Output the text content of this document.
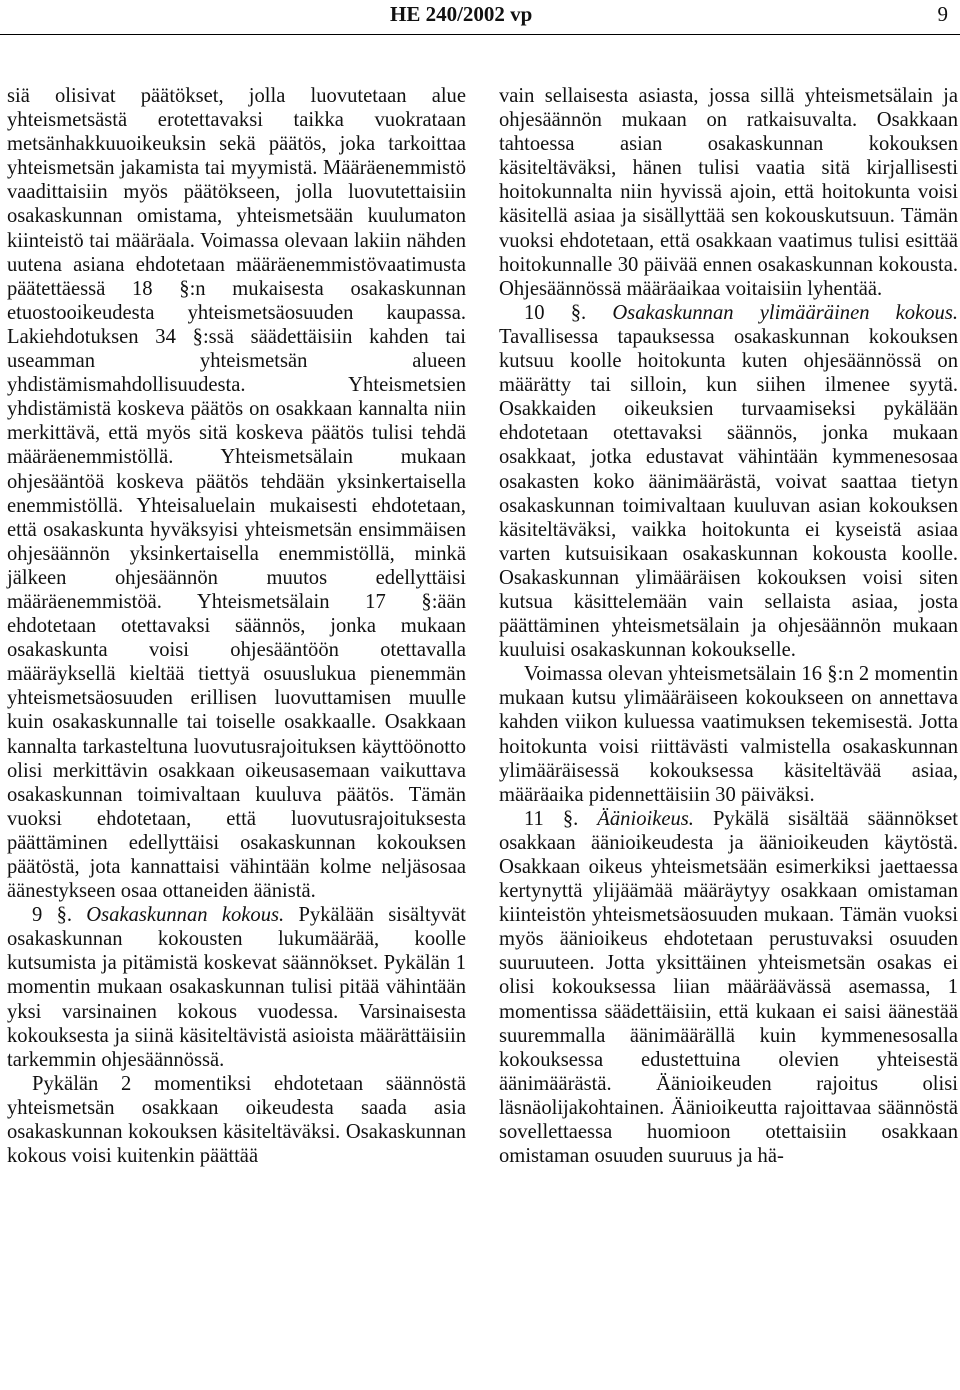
HE 240/2002 vp	9

siä olisivat päätökset, jolla luovutetaan alue yhteismetsästä erotettavaksi taikka vuokrataan metsänhakkuuoikeuksin sekä päätös, joka tarkoittaa yhteismetsän jakamista tai myymistä. Määräenemmistö vaadittaisiin myös päätökseen, jolla luovutettaisiin osakaskunnan omistama, yhteismetsään kuulumaton kiinteistö tai määräala. Voimassa olevaan lakiin nähden uutena asiana ehdotetaan määräenemmistövaatimusta päätettäessä 18 §:n mukaisesta osakaskunnan etuostooikeudesta yhteismetsäosuuden kaupassa. Lakiehdotuksen 34 §:ssä säädettäisiin kahden tai useamman yhteismetsän alueen yhdistämismahdollisuudesta. Yhteismetsien yhdistämistä koskeva päätös on osakkaan kannalta niin merkittävä, että myös sitä koskeva päätös tulisi tehdä määräenemmistöllä. Yhteismetsälain mukaan ohjesääntöä koskeva päätös tehdään yksinkertaisella enemmistöllä. Yhteisaluelain mukaisesti ehdotetaan, että osakaskunta hyväksyisi yhteismetsän ensimmäisen ohjesäännön yksinkertaisella enemmistöllä, minkä jälkeen ohjesäännön muutos edellyttäisi määräenemmistöä. Yhteismetsälain 17 §:ään ehdotetaan otettavaksi säännös, jonka mukaan osakaskunta voisi ohjesääntöön otettavalla määräyksellä kieltää tiettyä osuuslukua pienemmän yhteismetsäosuuden erillisen luovuttamisen muulle kuin osakaskunnalle tai toiselle osakkaalle. Osakkaan kannalta tarkasteltuna luovutusrajoituksen käyttöönotto olisi merkittävin osakkaan oikeusasemaan vaikuttava osakaskunnan toimivaltaan kuuluva päätös. Tämän vuoksi ehdotetaan, että luovutusrajoituksesta päättäminen edellyttäisi osakaskunnan kokouksen päätöstä, jota kannattaisi vähintään kolme neljäsosaa äänestykseen osaa ottaneiden äänistä.

9 §. Osakaskunnan kokous. Pykälään sisältyvät osakaskunnan kokousten lukumäärää, koolle kutsumista ja pitämistä koskevat säännökset. Pykälän 1 momentin mukaan osakaskunnan tulisi pitää vähintään yksi varsinainen kokous vuodessa. Varsinaisesta kokouksesta ja siinä käsiteltävistä asioista määrättäisiin tarkemmin ohjesäännössä.

Pykälän 2 momentiksi ehdotetaan säännöstä yhteismetsän osakkaan oikeudesta saada asia osakaskunnan kokouksen käsiteltäväksi. Osakaskunnan kokous voisi kuitenkin päättää

vain sellaisesta asiasta, jossa sillä yhteismetsälain ja ohjesäännön mukaan on ratkaisuvalta. Osakkaan tahtoessa asian osakaskunnan kokouksen käsiteltäväksi, hänen tulisi vaatia sitä kirjallisesti hoitokunnalta niin hyvissä ajoin, että hoitokunta voisi käsitellä asiaa ja sisällyttää sen kokouskutsuun. Tämän vuoksi ehdotetaan, että osakkaan vaatimus tulisi esittää hoitokunnalle 30 päivää ennen osakaskunnan kokousta. Ohjesäännössä määräaikaa voitaisiin lyhentää.

10 §. Osakaskunnan ylimääräinen kokous. Tavallisessa tapauksessa osakaskunnan kokouksen kutsuu koolle hoitokunta kuten ohjesäännössä on määrätty tai silloin, kun siihen ilmenee syytä. Osakkaiden oikeuksien turvaamiseksi pykälään ehdotetaan otettavaksi säännös, jonka mukaan osakkaat, jotka edustavat vähintään kymmenesosaa osakasten koko äänimäärästä, voivat saattaa tietyn osakaskunnan toimivaltaan kuuluvan asian kokouksen käsiteltäväksi, vaikka hoitokunta ei kyseistä asiaa varten kutsuisikaan osakaskunnan kokousta koolle. Osakaskunnan ylimääräisen kokouksen voisi siten kutsua käsittelemään vain sellaista asiaa, josta päättäminen yhteismetsälain ja ohjesäännön mukaan kuuluisi osakaskunnan kokoukselle.

Voimassa olevan yhteismetsälain 16 §:n 2 momentin mukaan kutsu ylimääräiseen kokoukseen on annettava kahden viikon kuluessa vaatimuksen tekemisestä. Jotta hoitokunta voisi riittävästi valmistella osakaskunnan ylimääräisessä kokouksessa käsiteltävää asiaa, määräaika pidennettäisiin 30 päiväksi.

11 §. Äänioikeus. Pykälä sisältää säännökset osakkaan äänioikeudesta ja äänioikeuden käytöstä. Osakkaan oikeus yhteismetsään esimerkiksi jaettaessa kertynyttä ylijäämää määräytyy osakkaan omistaman kiinteistön yhteismetsäosuuden mukaan. Tämän vuoksi myös äänioikeus ehdotetaan perustuvaksi osuuden suuruuteen. Jotta yksittäinen yhteismetsän osakas ei olisi kokouksessa liian määräävässä asemassa, 1 momentissa säädettäisiin, että kukaan ei saisi äänestää suuremmalla äänimäärällä kuin kymmenesosalla kokouksessa edustettuina olevien yhteisestä äänimäärästä. Äänioikeuden rajoitus olisi läsnäolijakohtainen. Äänioikeutta rajoittavaa säännöstä sovellettaessa huomioon otettaisiin osakkaan omistaman osuuden suuruus ja hä-
